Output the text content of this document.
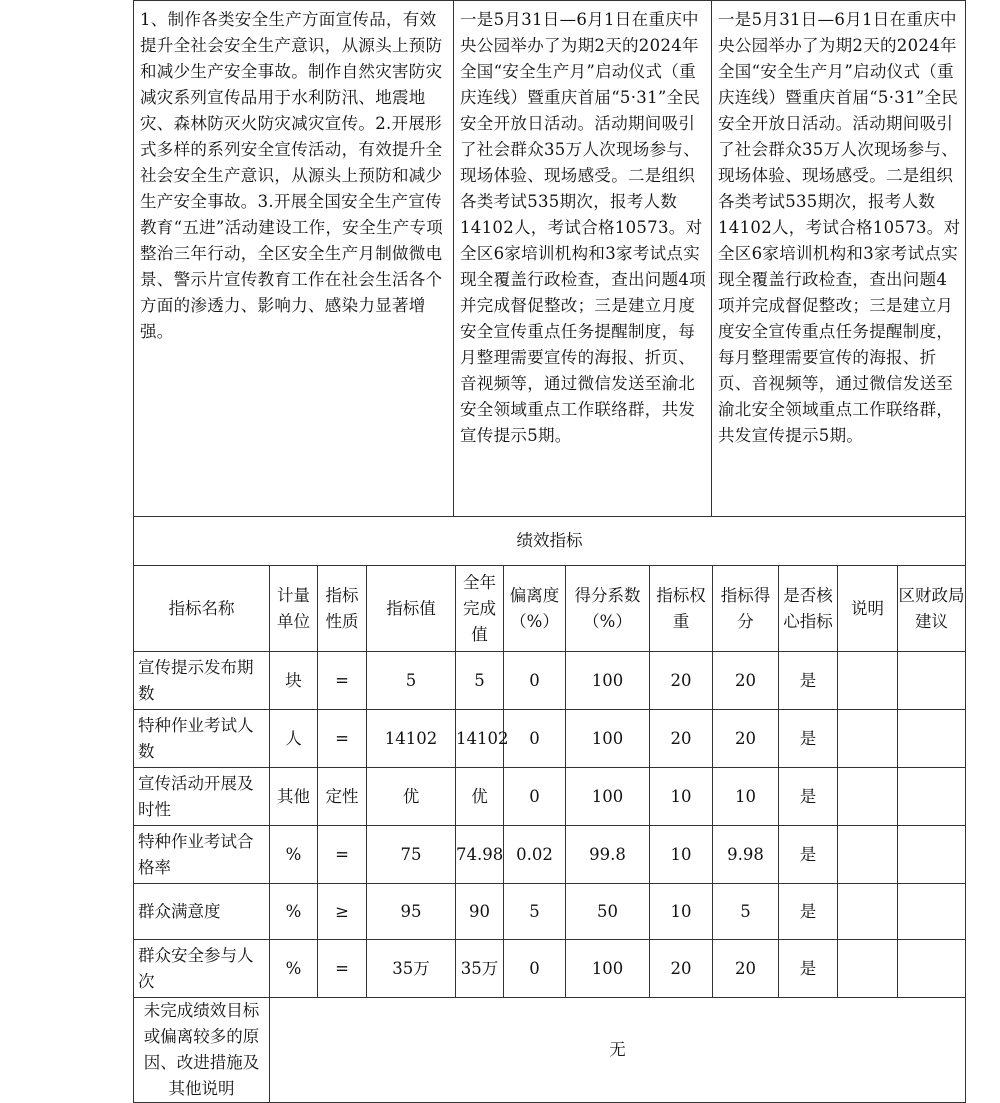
1、制作各类安全生产方面宣传品，有效提升全社会安全生产意识，从源头上预防和减少生产安全事故。制作自然灾害防灾减灾系列宣传品用于水利防汛、地震地灾、森林防灭火防灾减灾宣传。2.开展形式多样的系列安全宣传活动，有效提升全社会安全生产意识，从源头上预防和减少生产安全事故。3.开展全国安全生产宣传教育“五进”活动建设工作，安全生产专项整治三年行动，全区安全生产月制做微电景、警示片宣传教育工作在社会生活各个方面的渗透力、影响力、感染力显著增强。	一是5月31日—6月1日在重庆中央公园举办了为期2天的2024年全国“安全生产月”启动仪式（重庆连线）暨重庆首届“5·31”全民安全开放日活动。活动期间吸引了社会群众35万人次现场参与、现场体验、现场感受。二是组织各类考试535期次，报考人数14102人，考试合格10573。对全区6家培训机构和3家考试点实现全覆盖行政检查，查出问题4项并完成督促整改；三是建立月度安全宣传重点任务提醒制度，每月整理需要宣传的海报、折页、音视频等，通过微信发送至渝北安全领域重点工作联络群，共发宣传提示5期。	一是5月31日—6月1日在重庆中央公园举办了为期2天的2024年全国“安全生产月”启动仪式（重庆连线）暨重庆首届“5·31”全民安全开放日活动。活动期间吸引了社会群众35万人次现场参与、现场体验、现场感受。二是组织各类考试535期次，报考人数14102人，考试合格10573。对全区6家培训机构和3家考试点实现全覆盖行政检查，查出问题4项并完成督促整改；三是建立月度安全宣传重点任务提醒制度，每月整理需要宣传的海报、折页、音视频等，通过微信发送至渝北安全领域重点工作联络群，共发宣传提示5期。
绩效指标											
指标名称	计量单位	指标性质	指标值	全年完成值	偏离度（%）	得分系数（%）	指标权重	指标得分	是否核心指标	说明	区财政局建议
宣传提示发布期数	块	=	5	5	0	100	20	20	是		
特种作业考试人数	人	=	14102	14102	0	100	20	20	是		
宣传活动开展及时性	其他	定性	优	优	0	100	10	10	是		
特种作业考试合格率	%	=	75	74.98	0.02	99.8	10	9.98	是		
群众满意度	%	≥	95	90	5	50	10	5	是		
群众安全参与人次	%	=	35万	35万	0	100	20	20	是		
未完成绩效目标或偏离较多的原因、改进措施及其他说明	无										
